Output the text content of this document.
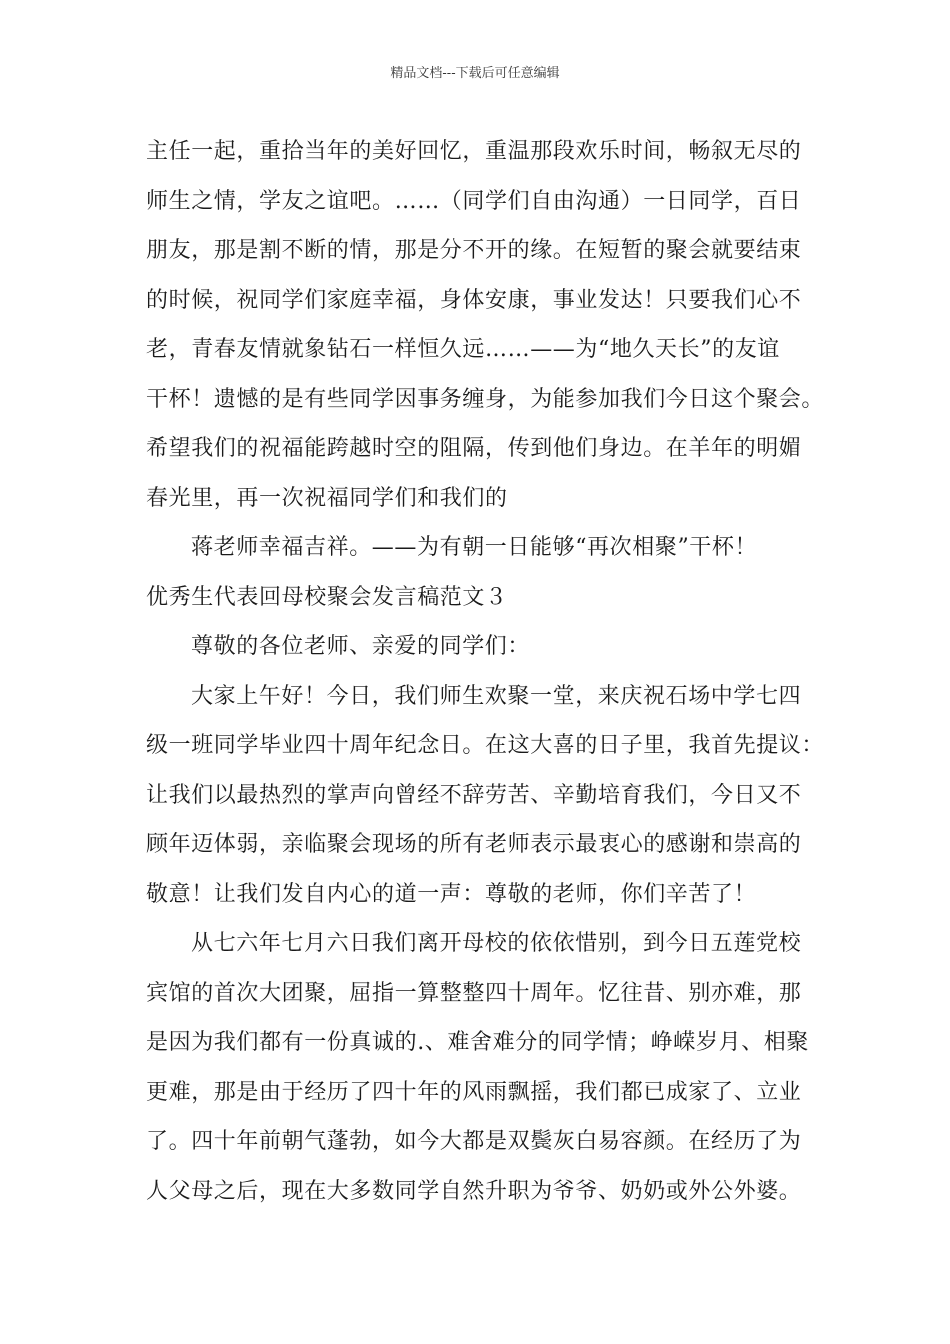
精品文档---下载后可任意编辑
主任一起，重拾当年的美好回忆，重温那段欢乐时间，畅叙无尽的
师生之情，学友之谊吧。……（同学们自由沟通）一日同学，百日
朋友，那是割不断的情，那是分不开的缘。在短暂的聚会就要结束
的时候，祝同学们家庭幸福，身体安康，事业发达！只要我们心不
老，青春友情就象钻石一样恒久远……——为“地久天长”的友谊
干杯！遗憾的是有些同学因事务缠身，为能参加我们今日这个聚会。
希望我们的祝福能跨越时空的阻隔，传到他们身边。在羊年的明媚
春光里，再一次祝福同学们和我们的
蒋老师幸福吉祥。——为有朝一日能够“再次相聚”干杯！
优秀生代表回母校聚会发言稿范文３
尊敬的各位老师、亲爱的同学们：
大家上午好！今日，我们师生欢聚一堂，来庆祝石场中学七四
级一班同学毕业四十周年纪念日。在这大喜的日子里，我首先提议：
让我们以最热烈的掌声向曾经不辞劳苦、辛勤培育我们，今日又不
顾年迈体弱，亲临聚会现场的所有老师表示最衷心的感谢和崇高的
敬意！让我们发自内心的道一声：尊敬的老师，你们辛苦了！
从七六年七月六日我们离开母校的依依惜别，到今日五莲党校
宾馆的首次大团聚，屈指一算整整四十周年。忆往昔、别亦难，那
是因为我们都有一份真诚的.、难舍难分的同学情；峥嵘岁月、相聚
更难，那是由于经历了四十年的风雨飘摇，我们都已成家了、立业
了。四十年前朝气蓬勃，如今大都是双鬓灰白易容颜。在经历了为
人父母之后，现在大多数同学自然升职为爷爷、奶奶或外公外婆。
